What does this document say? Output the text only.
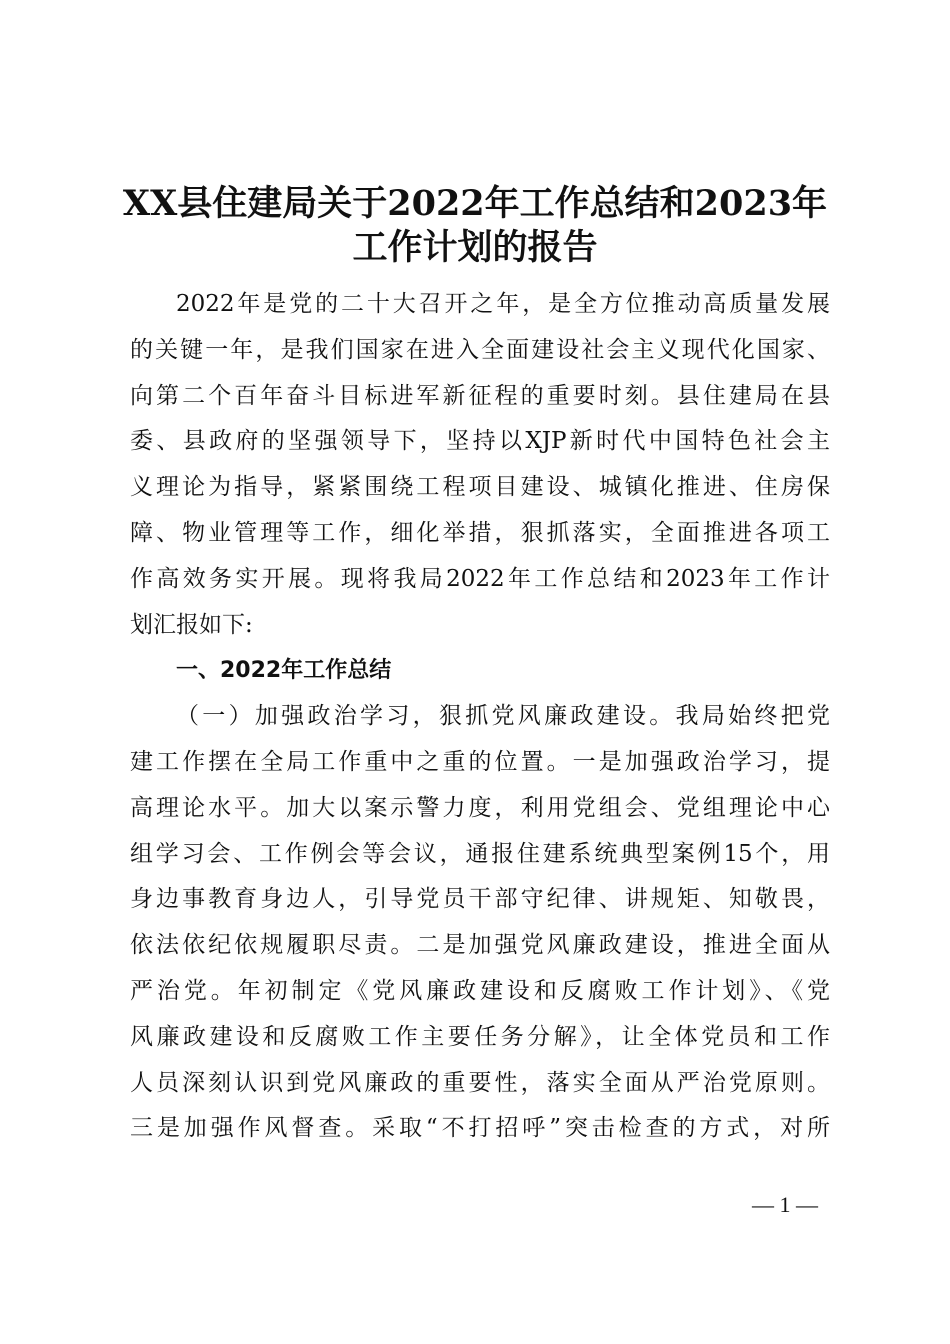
XX县住建局关于2022年工作总结和2023年
工作计划的报告

2022年是党的二十大召开之年，是全方位推动高质量发展

的关键一年，是我们国家在进入全面建设社会主义现代化国家、

向第二个百年奋斗目标进军新征程的重要时刻。县住建局在县

委、县政府的坚强领导下，坚持以XJP新时代中国特色社会主

义理论为指导，紧紧围绕工程项目建设、城镇化推进、住房保

障、物业管理等工作，细化举措，狠抓落实，全面推进各项工

作高效务实开展。现将我局2022年工作总结和2023年工作计

划汇报如下:

一、2022年工作总结

（一）加强政治学习，狠抓党风廉政建设。我局始终把党

建工作摆在全局工作重中之重的位置。一是加强政治学习，提

高理论水平。加大以案示警力度，利用党组会、党组理论中心

组学习会、工作例会等会议，通报住建系统典型案例15个，用

身边事教育身边人，引导党员干部守纪律、讲规矩、知敬畏，

依法依纪依规履职尽责。二是加强党风廉政建设，推进全面从

严治党。年初制定《党风廉政建设和反腐败工作计划》、《党

风廉政建设和反腐败工作主要任务分解》，让全体党员和工作

人员深刻认识到党风廉政的重要性，落实全面从严治党原则。

三是加强作风督查。采取“不打招呼”突击检查的方式，对所

— 1 —
